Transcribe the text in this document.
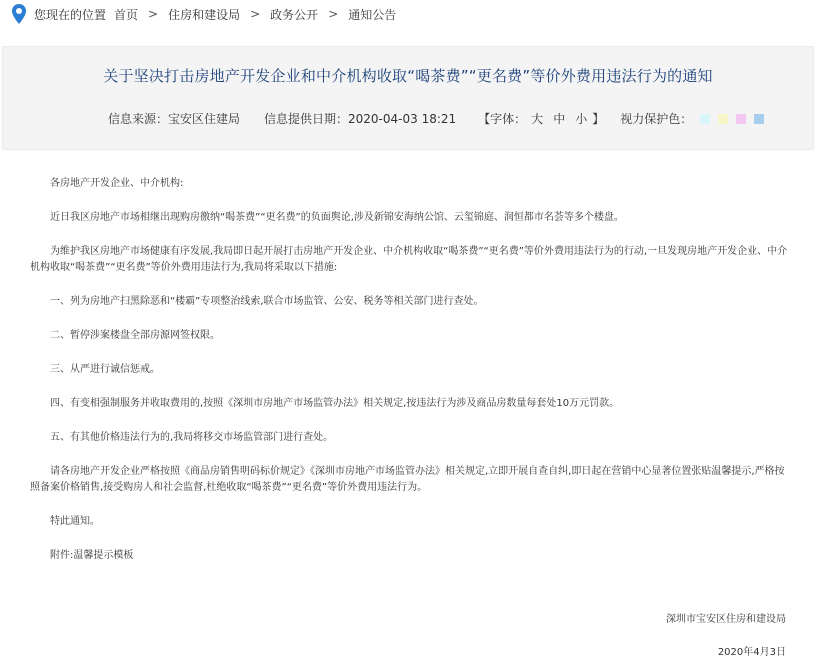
您现在的位置 首页 > 住房和建设局 > 政务公开 > 通知公告
关于坚决打击房地产开发企业和中介机构收取“喝茶费”“更名费”等价外费用违法行为的通知
信息来源：宝安区住建局 信息提供日期：2020-04-03 18:21 【字体： 大 中 小 】 视力保护色：

各房地产开发企业、中介机构:

近日我区房地产市场相继出现购房徼纳“喝茶费”“更名费”的负面舆论,涉及新锦安海纳公馆、云玺锦庭、润恒都市名荟等多个楼盘。

为维护我区房地产市场健康有序发展,我局即日起开展打击房地产开发企业、中介机构收取“喝茶费”“更名费”等价外费用违法行为的行动,一旦发现房地产开发企业、中介机构收取“喝茶费”“更名费”等价外费用违法行为,我局将采取以下措施:

一、列为房地产扫黑除恶和“楼霸”专项整治线索,联合市场监管、公安、税务等相关部门进行查处。

二、暂停涉案楼盘全部房源网签权限。

三、从严进行诚信惩戒。

四、有变相强制服务并收取费用的,按照《深圳市房地产市场监管办法》相关规定,按违法行为涉及商品房数量每套处10万元罚款。

五、有其他价格违法行为的,我局将移交市场监管部门进行查处。

请各房地产开发企业严格按照《商品房销售明码标价规定》《深圳市房地产市场监管办法》相关规定,立即开展自查自纠,即日起在营销中心显著位置张贴温馨提示,严格按照备案价格销售,接受购房人和社会监督,杜绝收取“喝茶费”“更名费”等价外费用违法行为。

特此通知。

附件:温馨提示模板

深圳市宝安区住房和建设局
2020年4月3日
